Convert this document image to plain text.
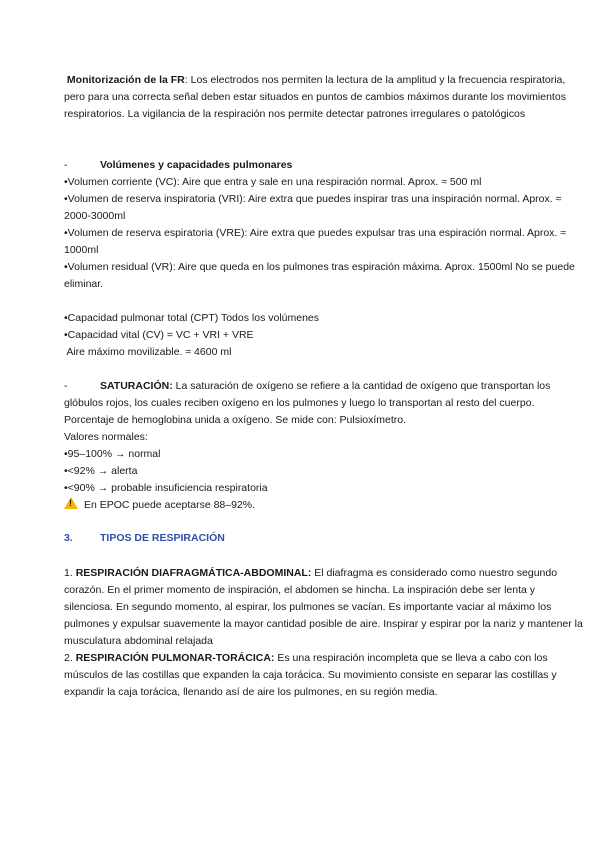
Monitorización de la FR: Los electrodos nos permiten la lectura de la amplitud y la frecuencia respiratoria, pero para una correcta señal deben estar situados en puntos de cambios máximos durante los movimientos respiratorios. La vigilancia de la respiración nos permite detectar patrones irregulares o patológicos

-	Volúmenes y capacidades pulmonares

•Volumen corriente (VC): Aire que entra y sale en una respiración normal. Aprox. ≈ 500 ml

•Volumen de reserva inspiratoria (VRI): Aire extra que puedes inspirar tras una inspiración normal. Aprox. ≈ 2000-3000ml

•Volumen de reserva espiratoria (VRE): Aire extra que puedes expulsar tras una espiración normal. Aprox. ≈ 1000ml

•Volumen residual (VR): Aire que queda en los pulmones tras espiración máxima. Aprox. 1500ml No se puede eliminar.

•Capacidad pulmonar total (CPT) Todos los volúmenes

•Capacidad vital (CV) = VC + VRI + VRE

Aire máximo movilizable. ≈ 4600 ml

-	SATURACIÓN: La saturación de oxígeno se refiere a la cantidad de oxígeno que transportan los glóbulos rojos, los cuales reciben oxígeno en los pulmones y luego lo transportan al resto del cuerpo.

Porcentaje de hemoglobina unida a oxígeno. Se mide con: Pulsioxímetro.

Valores normales:

•95–100% → normal

•<92% → alerta

•<90% → probable insuficiencia respiratoria

!En EPOC puede aceptarse 88–92%.

3.	TIPOS DE RESPIRACIÓN

1. RESPIRACIÓN DIAFRAGMÁTICA-ABDOMINAL: El diafragma es considerado como nuestro segundo corazón. En el primer momento de inspiración, el abdomen se hincha. La inspiración debe ser lenta y silenciosa. En segundo momento, al espirar, los pulmones se vacían. Es importante vaciar al máximo los pulmones y expulsar suavemente la mayor cantidad posible de aire. Inspirar y espirar por la nariz y mantener la musculatura abdominal relajada

2. RESPIRACIÓN PULMONAR-TORÁCICA: Es una respiración incompleta que se lleva a cabo con los músculos de las costillas que expanden la caja torácica. Su movimiento consiste en separar las costillas y expandir la caja torácica, llenando así de aire los pulmones, en su región media.
